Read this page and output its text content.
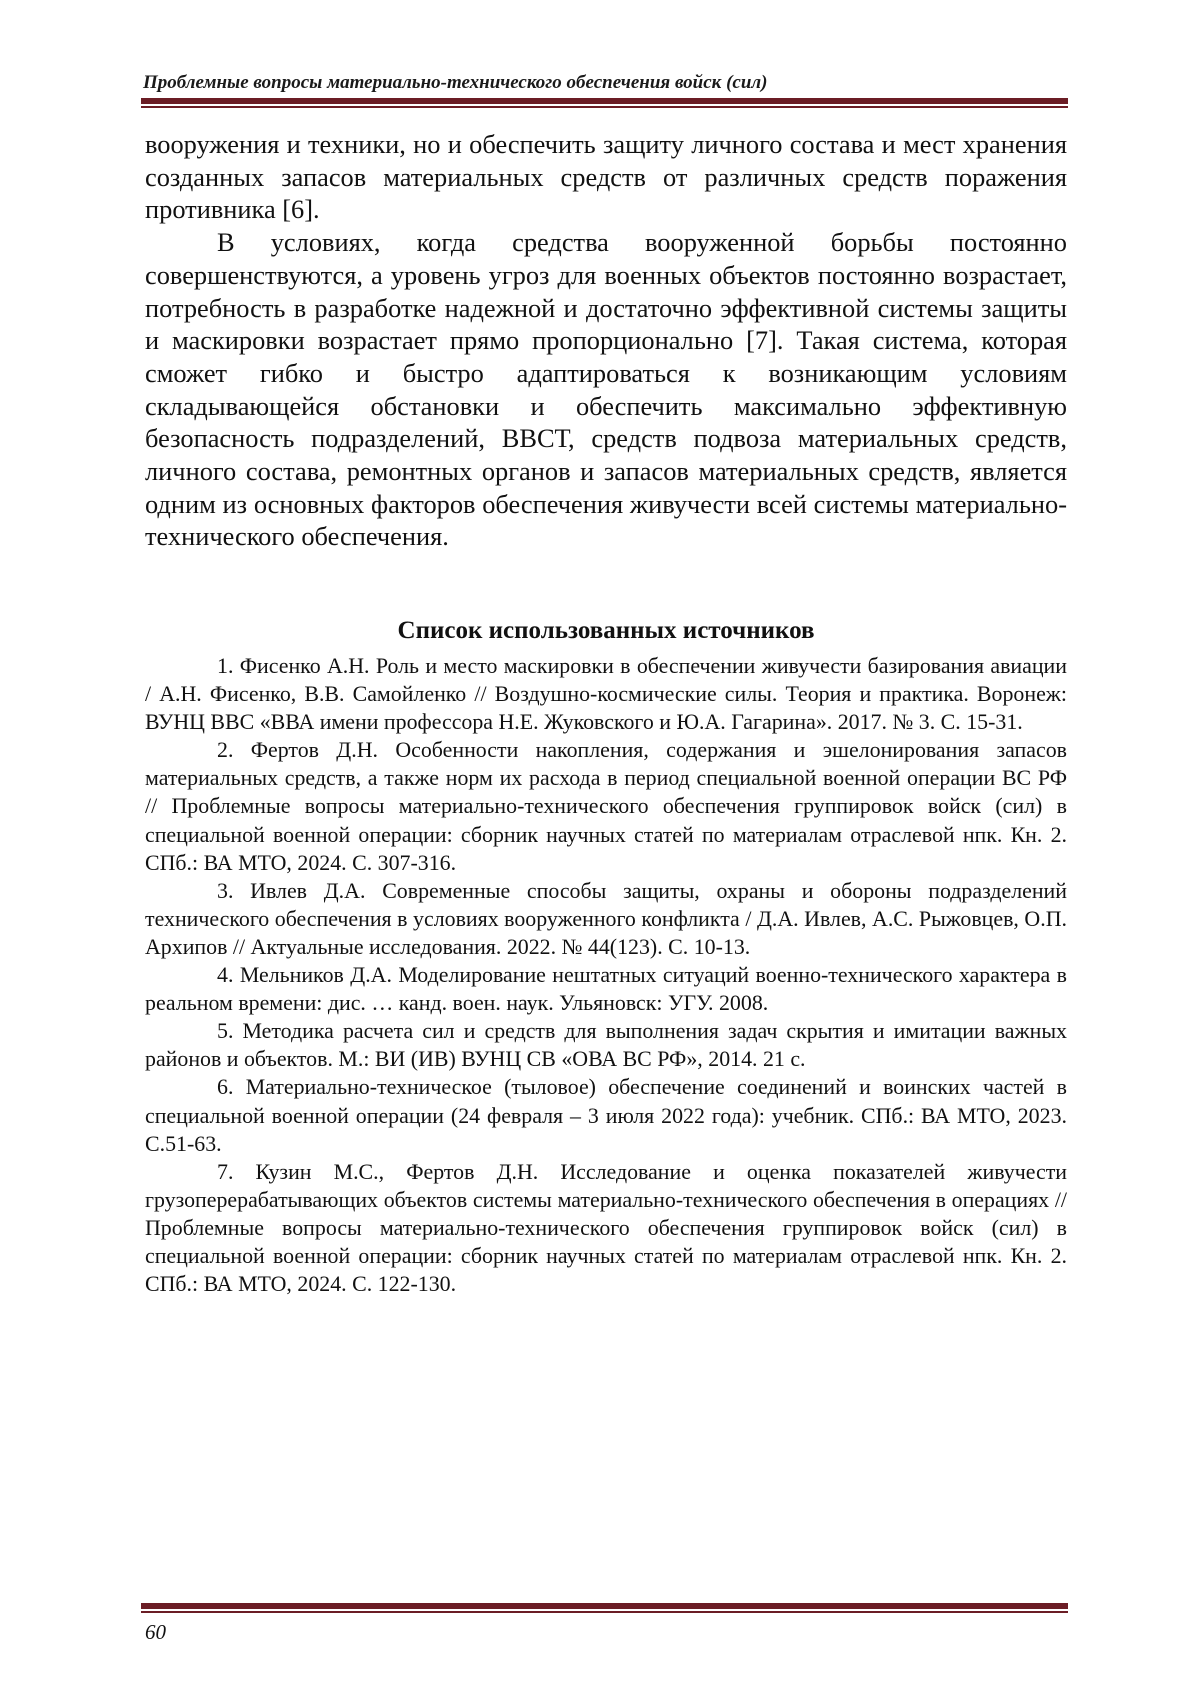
Проблемные вопросы материально-технического обеспечения войск (сил)

вооружения и техники, но и обеспечить защиту личного состава и мест хранения созданных запасов материальных средств от различных средств поражения противника [6].

В условиях, когда средства вооруженной борьбы постоянно совершенствуются, а уровень угроз для военных объектов постоянно возрастает, потребность в разработке надежной и достаточно эффективной системы защиты и маскировки возрастает прямо пропорционально [7]. Такая система, которая сможет гибко и быстро адаптироваться к возникающим условиям складывающейся обстановки и обеспечить максимально эффективную безопасность подразделений, ВВСТ, средств подвоза материальных средств, личного состава, ремонтных органов и запасов материальных средств, является одним из основных факторов обеспечения живучести всей системы материально-технического обеспечения.

Список использованных источников

1. Фисенко А.Н. Роль и место маскировки в обеспечении живучести базирования авиации / А.Н. Фисенко, В.В. Самойленко // Воздушно-космические силы. Теория и практика. Воронеж: ВУНЦ ВВС «ВВА имени профессора Н.Е. Жуковского и Ю.А. Гагарина». 2017. № 3. С. 15-31.

2. Фертов Д.Н. Особенности накопления, содержания и эшелонирования запасов материальных средств, а также норм их расхода в период специальной военной операции ВС РФ // Проблемные вопросы материально-технического обеспечения группировок войск (сил) в специальной военной операции: сборник научных статей по материалам отраслевой нпк. Кн. 2. СПб.: ВА МТО, 2024. С. 307-316.

3. Ивлев Д.А. Современные способы защиты, охраны и обороны подразделений технического обеспечения в условиях вооруженного конфликта / Д.А. Ивлев, А.С. Рыжовцев, О.П. Архипов // Актуальные исследования. 2022. № 44(123). С. 10-13.

4. Мельников Д.А. Моделирование нештатных ситуаций военно-технического характера в реальном времени: дис. … канд. воен. наук. Ульяновск: УГУ. 2008.

5. Методика расчета сил и средств для выполнения задач скрытия и имитации важных районов и объектов. М.: ВИ (ИВ) ВУНЦ СВ «ОВА ВС РФ», 2014. 21 с.

6. Материально-техническое (тыловое) обеспечение соединений и воинских частей в специальной военной операции (24 февраля – 3 июля 2022 года): учебник. СПб.: ВА МТО, 2023. С.51-63.

7. Кузин М.С., Фертов Д.Н. Исследование и оценка показателей живучести грузоперерабатывающих объектов системы материально-технического обеспечения в операциях // Проблемные вопросы материально-технического обеспечения группировок войск (сил) в специальной военной операции: сборник научных статей по материалам отраслевой нпк. Кн. 2. СПб.: ВА МТО, 2024. С. 122-130.

60
